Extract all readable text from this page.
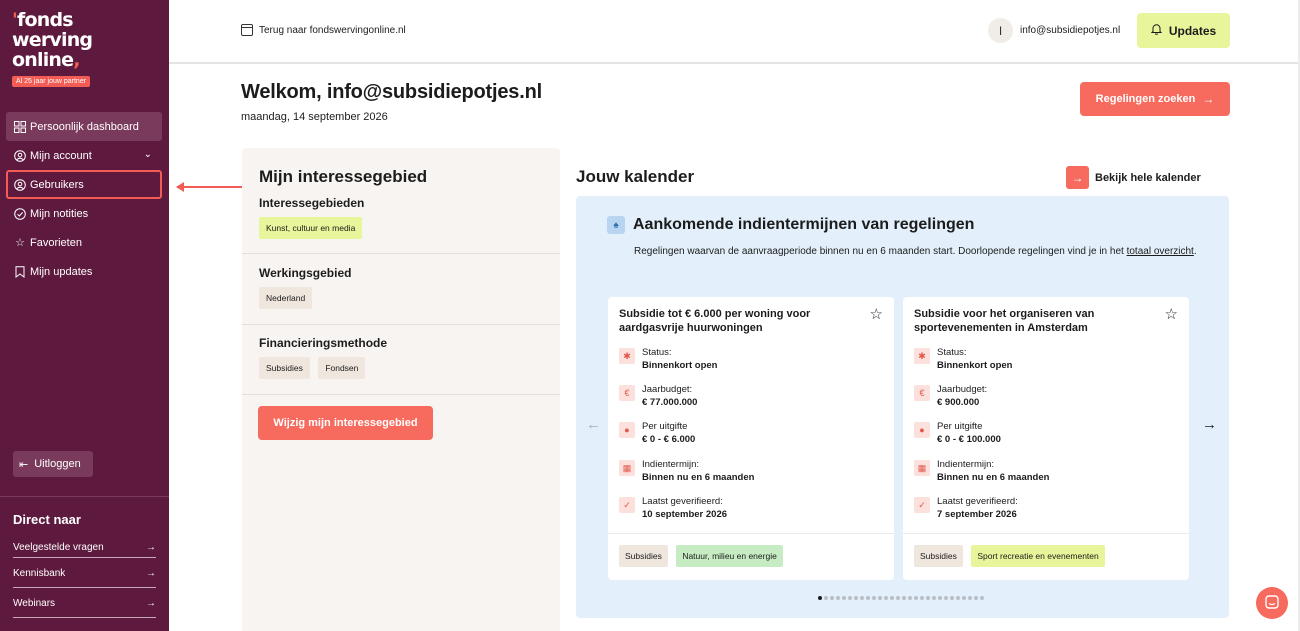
'fonds
werving
online,
Al 25 jaar jouw partner
Persoonlijk dashboard
Mijn account	⌄
Gebruikers
Mijn notities
☆ Favorieten
Mijn updates
⇤ Uitloggen
Direct naar
Veelgestelde vragen	→
Kennisbank	→
Webinars	→
Terug naar fondswervingonline.nl	I	info@subsidiepotjes.nl	Updates
Welkom, info@subsidiepotjes.nl
maandag, 14 september 2026
Regelingen zoeken →
Mijn interessegebied
Interessegebieden
Kunst, cultuur en media
Werkingsgebied
Nederland
Financieringsmethode
Subsidies	Fondsen
Wijzig mijn interessegebied
Jouw kalender	→	Bekijk hele kalender
♠ Aankomende indientermijnen van regelingen

Regelingen waarvan de aanvraagperiode binnen nu en 6 maanden start. Doorlopende regelingen vind je in het totaal overzicht.

←	→
Subsidie tot € 6.000 per woning voor aardgasvrije huurwoningen
☆
✱	Status:
Binnenkort open
€	Jaarbudget:
€ 77.000.000
●	Per uitgifte
€ 0 - € 6.000
▦	Indientermijn:
Binnen nu en 6 maanden
✓	Laatst geverifieerd:
10 september 2026
Subsidies Natuur, milieu en energie
Subsidie voor het organiseren van sportevenementen in Amsterdam
☆
✱	Status:
Binnenkort open
€	Jaarbudget:
€ 900.000
●	Per uitgifte
€ 0 - € 100.000
▦	Indientermijn:
Binnen nu en 6 maanden
✓	Laatst geverifieerd:
7 september 2026
Subsidies Sport recreatie en evenementen
